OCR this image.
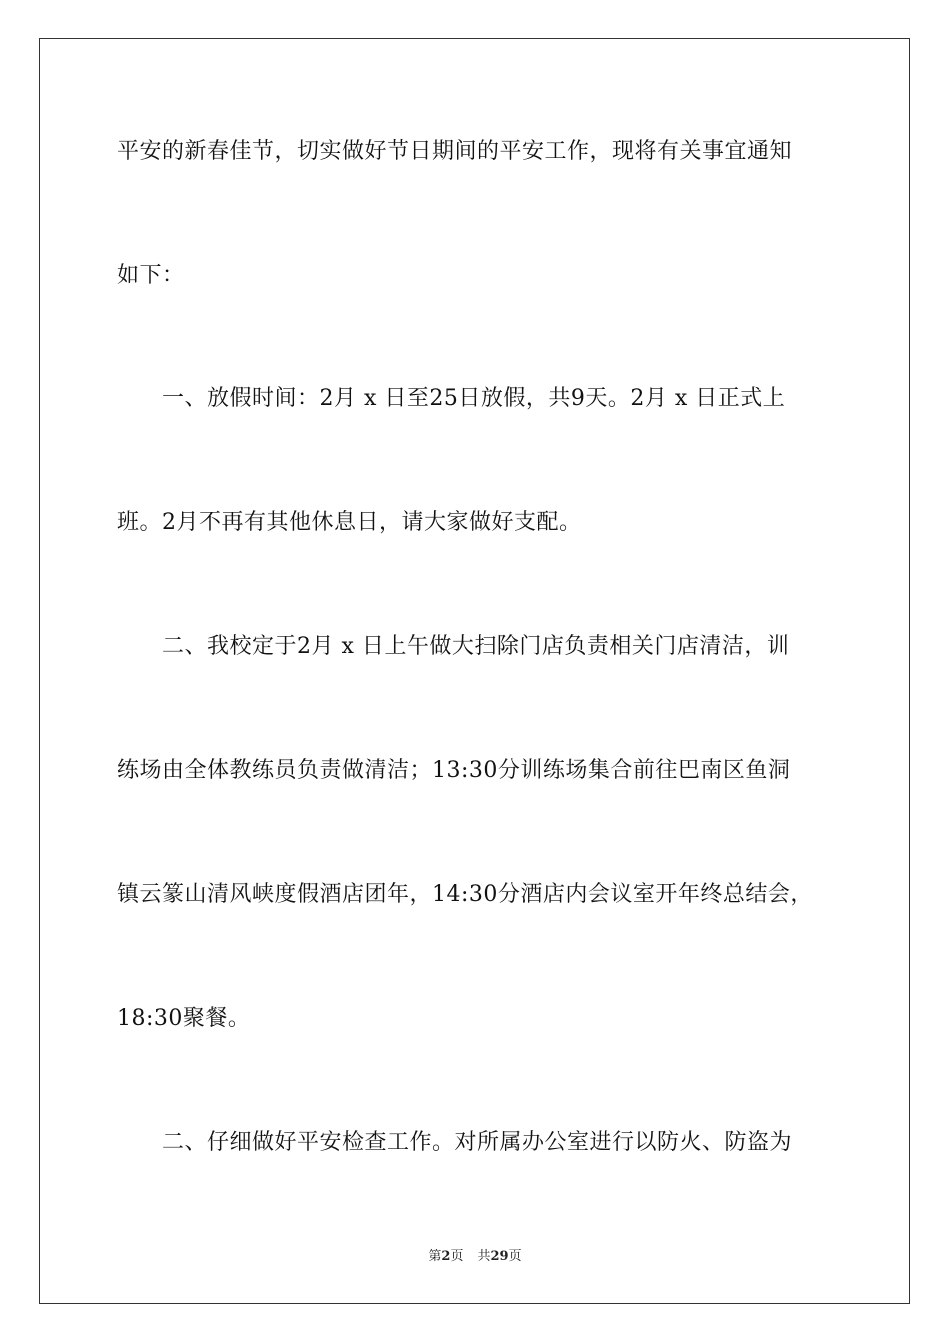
平安的新春佳节，切实做好节日期间的平安工作，现将有关事宜通知
如下：
　　一、放假时间：2月 x 日至25日放假，共9天。2月 x 日正式上
班。2月不再有其他休息日，请大家做好支配。
　　二、我校定于2月 x 日上午做大扫除门店负责相关门店清洁，训
练场由全体教练员负责做清洁；13:30分训练场集合前往巴南区鱼洞
镇云篆山清风峡度假酒店团年，14:30分酒店内会议室开年终总结会，
18:30聚餐。
　　二、仔细做好平安检查工作。对所属办公室进行以防火、防盗为
第2页 共29页
